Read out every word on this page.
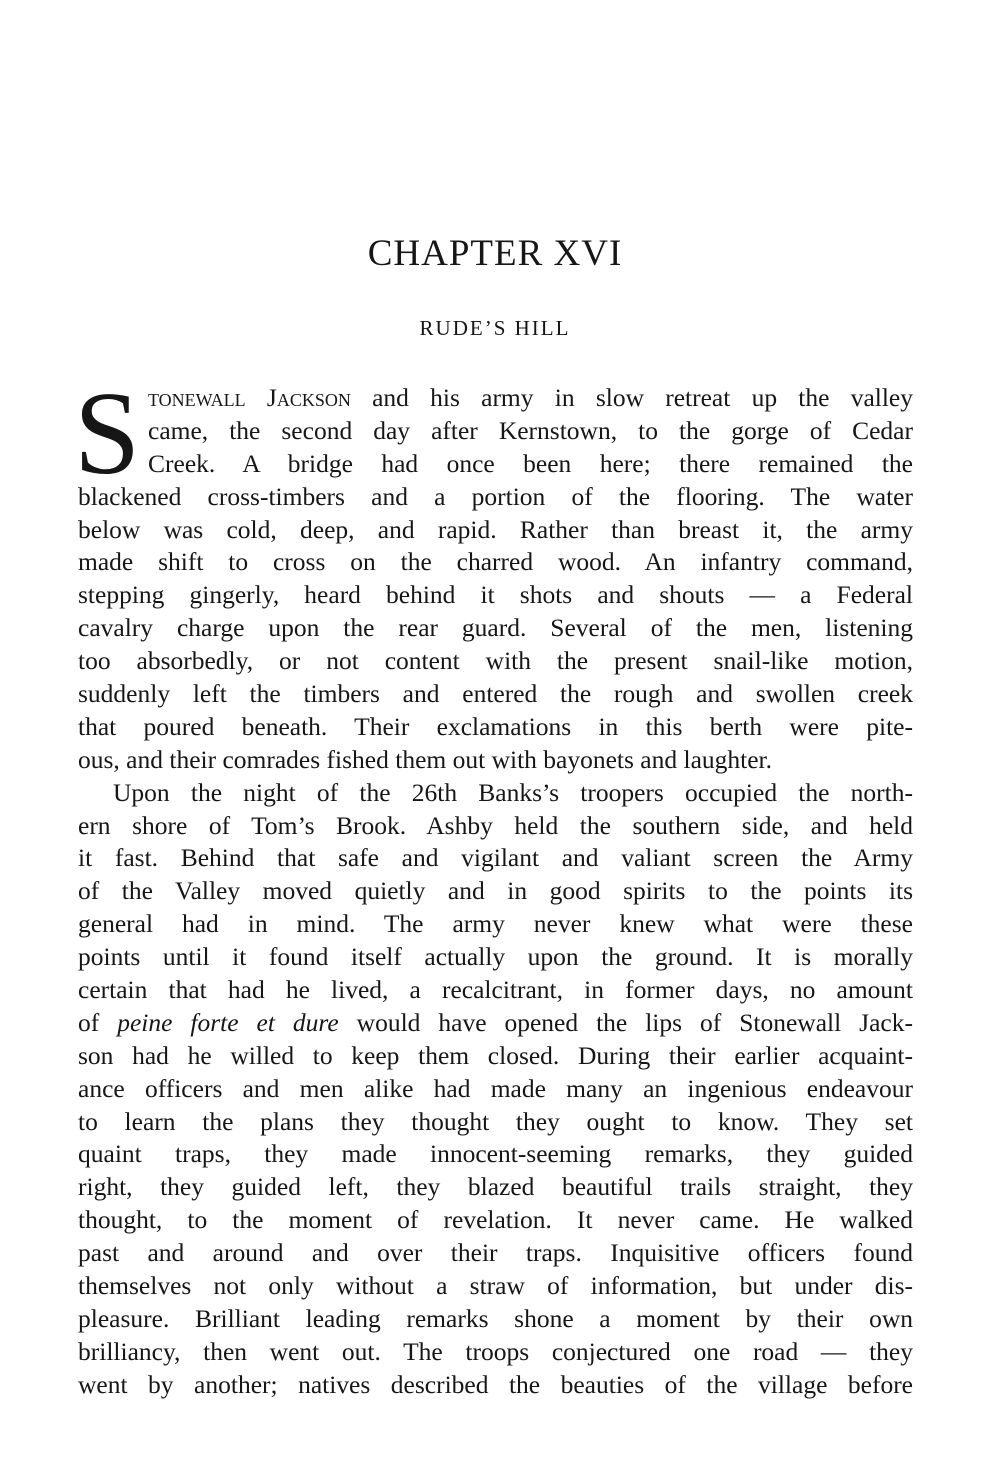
CHAPTER XVI
RUDE’S HILL
S tonewall Jackson and his army in slow retreat up the valley
came, the second day after Kernstown, to the gorge of Cedar
Creek. A bridge had once been here; there remained the
blackened cross-timbers and a portion of the flooring. The water
below was cold, deep, and rapid. Rather than breast it, the army
made shift to cross on the charred wood. An infantry command,
stepping gingerly, heard behind it shots and shouts — a Federal
cavalry charge upon the rear guard. Several of the men, listening
too absorbedly, or not content with the present snail-like motion,
suddenly left the timbers and entered the rough and swollen creek
that poured beneath. Their exclamations in this berth were pite-
ous, and their comrades fished them out with bayonets and laughter.
Upon the night of the 26th Banks’s troopers occupied the north-
ern shore of Tom’s Brook. Ashby held the southern side, and held
it fast. Behind that safe and vigilant and valiant screen the Army
of the Valley moved quietly and in good spirits to the points its
general had in mind. The army never knew what were these
points until it found itself actually upon the ground. It is morally
certain that had he lived, a recalcitrant, in former days, no amount
of peine forte et dure would have opened the lips of Stonewall Jack-
son had he willed to keep them closed. During their earlier acquaint-
ance officers and men alike had made many an ingenious endeavour
to learn the plans they thought they ought to know. They set
quaint traps, they made innocent-seeming remarks, they guided
right, they guided left, they blazed beautiful trails straight, they
thought, to the moment of revelation. It never came. He walked
past and around and over their traps. Inquisitive officers found
themselves not only without a straw of information, but under dis-
pleasure. Brilliant leading remarks shone a moment by their own
brilliancy, then went out. The troops conjectured one road — they
went by another; natives described the beauties of the village before
